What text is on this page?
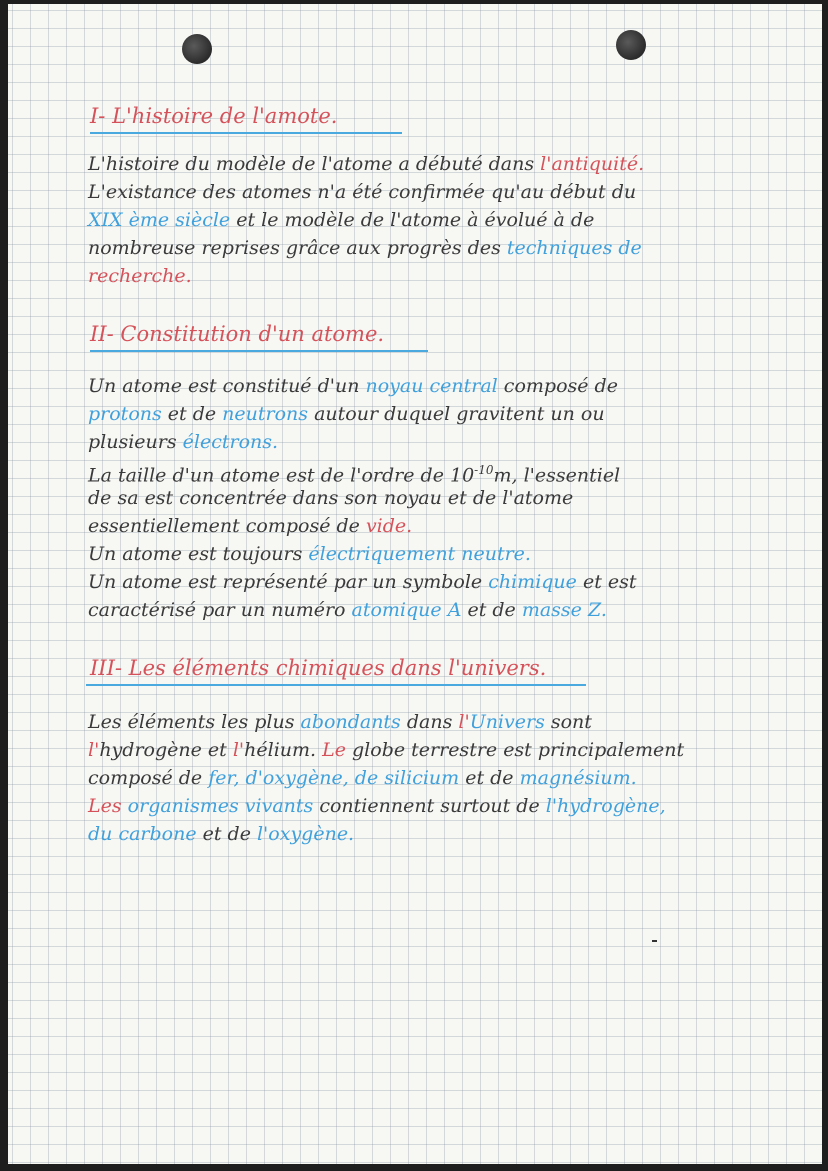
I- L'histoire de l'amote.
L'histoire du modèle de l'atome a débuté dans l'antiquité.
L'existance des atomes n'a été confirmée qu'au début du
XIX ème siècle et le modèle de l'atome à évolué à de
nombreuse reprises grâce aux progrès des techniques de
recherche.
II- Constitution d'un atome.
Un atome est constitué d'un noyau central composé de
protons et de neutrons autour duquel gravitent un ou
plusieurs électrons.
La taille d'un atome est de l'ordre de $10^{-10}m$, l'essentiel
de sa est concentrée dans son noyau et de l'atome
essentiellement composé de vide.
Un atome est toujours électriquement neutre.
Un atome est représenté par un symbole chimique et est
caractérisé par un numéro atomique A et de masse Z.
III- Les éléments chimiques dans l'univers.
Les éléments les plus abondants dans l'Univers sont
l'hydrogène et l'hélium. Le globe terrestre est principalement
composé de fer, d'oxygène, de silicium et de magnésium.
Les organismes vivants contiennent surtout de l'hydrogène,
du carbone et de l'oxygène.
